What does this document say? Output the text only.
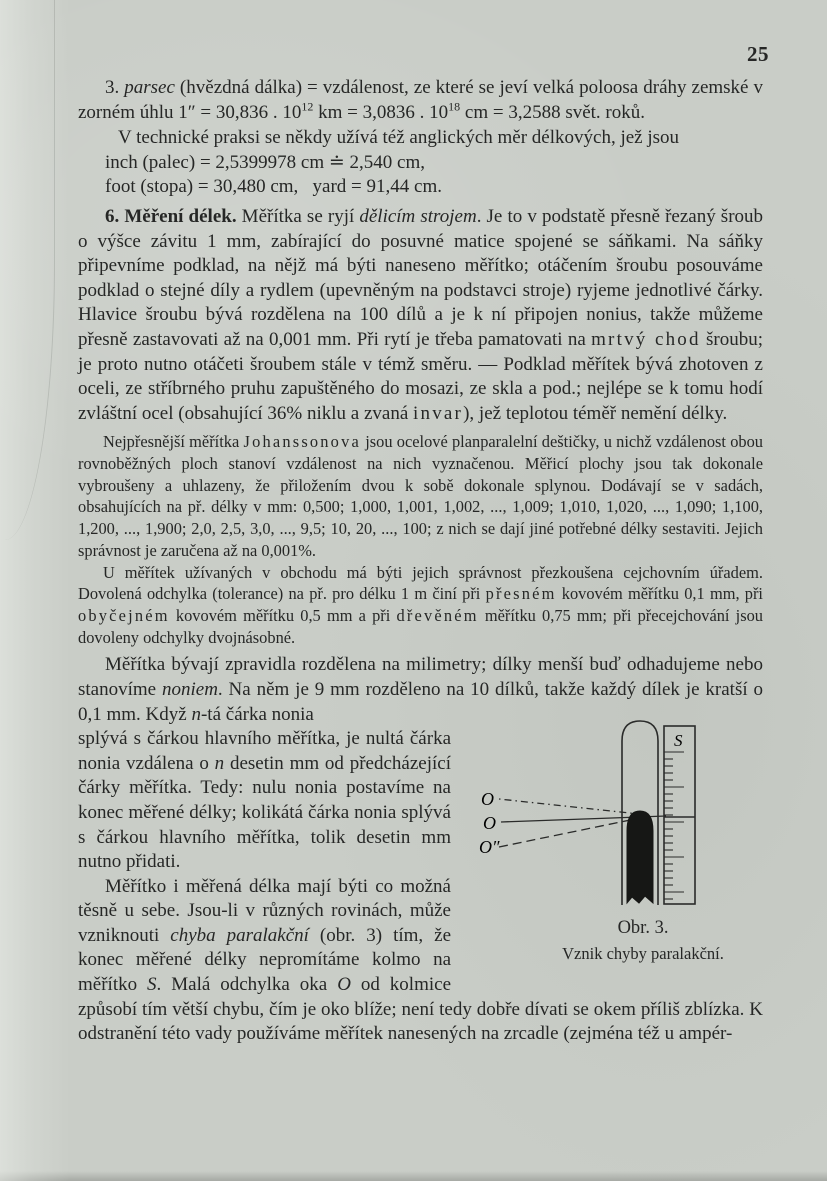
25

3. parsec (hvězdná dálka) = vzdálenost, ze které se jeví velká poloosa dráhy zemské v zorném úhlu 1″ = 30,836 . $10^{12}$ km = 3,0836 . $10^{18}$ cm = 3,2588 svět. roků.

V technické praksi se někdy užívá též anglických měr délkových, jež jsou
inch (palec) = 2,5399978 cm ≐ 2,540 cm,
foot (stopa) = 30,480 cm,  yard = 91,44 cm.

6. Měření délek. Měřítka se ryjí dělicím strojem. Je to v podstatě přesně řezaný šroub o výšce závitu 1 mm, zabírající do posuvné matice spojené se sáňkami. Na sáňky připevníme podklad, na nějž má býti naneseno měřítko; otáčením šroubu posouváme podklad o stejné díly a rydlem (upevněným na podstavci stroje) ryjeme jednotlivé čárky. Hlavice šroubu bývá rozdělena na 100 dílů a je k ní připojen nonius, takže můžeme přesně zastavovati až na 0,001 mm. Při rytí je třeba pamatovati na mrtvý chod šroubu; je proto nutno otáčeti šroubem stále v témž směru. — Podklad měřítek bývá zhotoven z oceli, ze stříbrného pruhu zapuštěného do mosazi, ze skla a pod.; nejlépe se k tomu hodí zvláštní ocel (obsahující 36% niklu a zvaná invar), jež teplotou téměř nemění délky.

Nejpřesnější měřítka Johanssonova jsou ocelové planparalelní deštičky, u nichž vzdálenost obou rovnoběžných ploch stanoví vzdálenost na nich vyznačenou. Měřicí plochy jsou tak dokonale vybroušeny a uhlazeny, že přiložením dvou k sobě dokonale splynou. Dodávají se v sadách, obsahujících na př. délky v mm: 0,500; 1,000, 1,001, 1,002, ..., 1,009; 1,010, 1,020, ..., 1,090; 1,100, 1,200, ..., 1,900; 2,0, 2,5, 3,0, ..., 9,5; 10, 20, ..., 100; z nich se dají jiné potřebné délky sestaviti. Jejich správnost je zaručena až na 0,001%.

U měřítek užívaných v obchodu má býti jejich správnost přezkoušena cejchovním úřadem. Dovolená odchylka (tolerance) na př. pro délku 1 m činí při přesném kovovém měřítku 0,1 mm, při obyčejném kovovém měřítku 0,5 mm a při dřevěném měřítku 0,75 mm; při přecejchování jsou dovoleny odchylky dvojnásobné.

Měřítka bývají zpravidla rozdělena na milimetry; dílky menší buď odhadujeme nebo stanovíme noniem. Na něm je 9 mm rozděleno na 10 dílků, takže každý dílek je kratší o 0,1 mm. Když n-tá čárka nonia

O
O
O″
S
Obr. 3.
Vznik chyby paralakční.

splývá s čárkou hlavního měřítka, je nultá čárka nonia vzdálena o n desetin mm od předcházející čárky měřítka. Tedy: nulu nonia postavíme na konec měřené délky; kolikátá čárka nonia splývá s čárkou hlavního měřítka, tolik desetin mm nutno přidati.

Měřítko i měřená délka mají býti co možná těsně u sebe. Jsou-li v různých rovinách, může vzniknouti chyba paralakční (obr. 3) tím, že konec měřené délky nepromítáme kolmo na měřítko S. Malá odchylka oka O od kolmice způsobí tím větší chybu, čím je oko blíže; není tedy dobře dívati se okem příliš zblízka. K odstranění této vady používáme měřítek nanesených na zrcadle (zejména též u ampér-
